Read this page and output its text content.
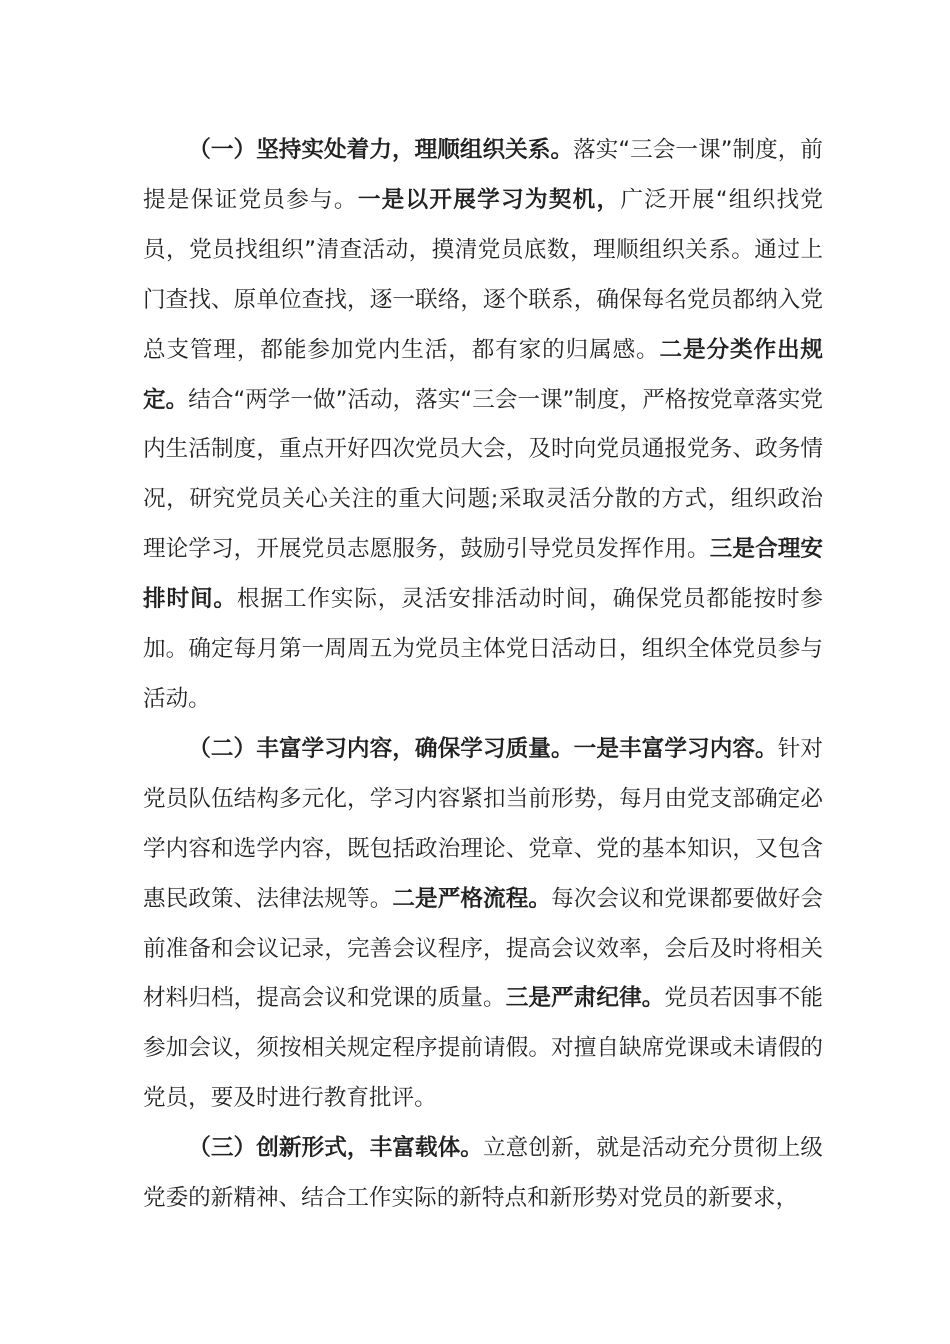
（一）坚持实处着力，理顺组织关系。落实“三会一课”制度，前提是保证党员参与。一是以开展学习为契机，广泛开展“组织找党员，党员找组织”清查活动，摸清党员底数，理顺组织关系。通过上门查找、原单位查找，逐一联络，逐个联系，确保每名党员都纳入党总支管理，都能参加党内生活，都有家的归属感。二是分类作出规定。结合“两学一做”活动，落实“三会一课”制度，严格按党章落实党内生活制度，重点开好四次党员大会，及时向党员通报党务、政务情况，研究党员关心关注的重大问题;采取灵活分散的方式，组织政治理论学习，开展党员志愿服务，鼓励引导党员发挥作用。三是合理安排时间。根据工作实际，灵活安排活动时间，确保党员都能按时参加。确定每月第一周周五为党员主体党日活动日，组织全体党员参与活动。

（二）丰富学习内容，确保学习质量。一是丰富学习内容。针对党员队伍结构多元化，学习内容紧扣当前形势，每月由党支部确定必学内容和选学内容，既包括政治理论、党章、党的基本知识，又包含惠民政策、法律法规等。二是严格流程。每次会议和党课都要做好会前准备和会议记录，完善会议程序，提高会议效率，会后及时将相关材料归档，提高会议和党课的质量。三是严肃纪律。党员若因事不能参加会议，须按相关规定程序提前请假。对擅自缺席党课或未请假的党员，要及时进行教育批评。

（三）创新形式，丰富载体。立意创新，就是活动充分贯彻上级党委的新精神、结合工作实际的新特点和新形势对党员的新要求，
